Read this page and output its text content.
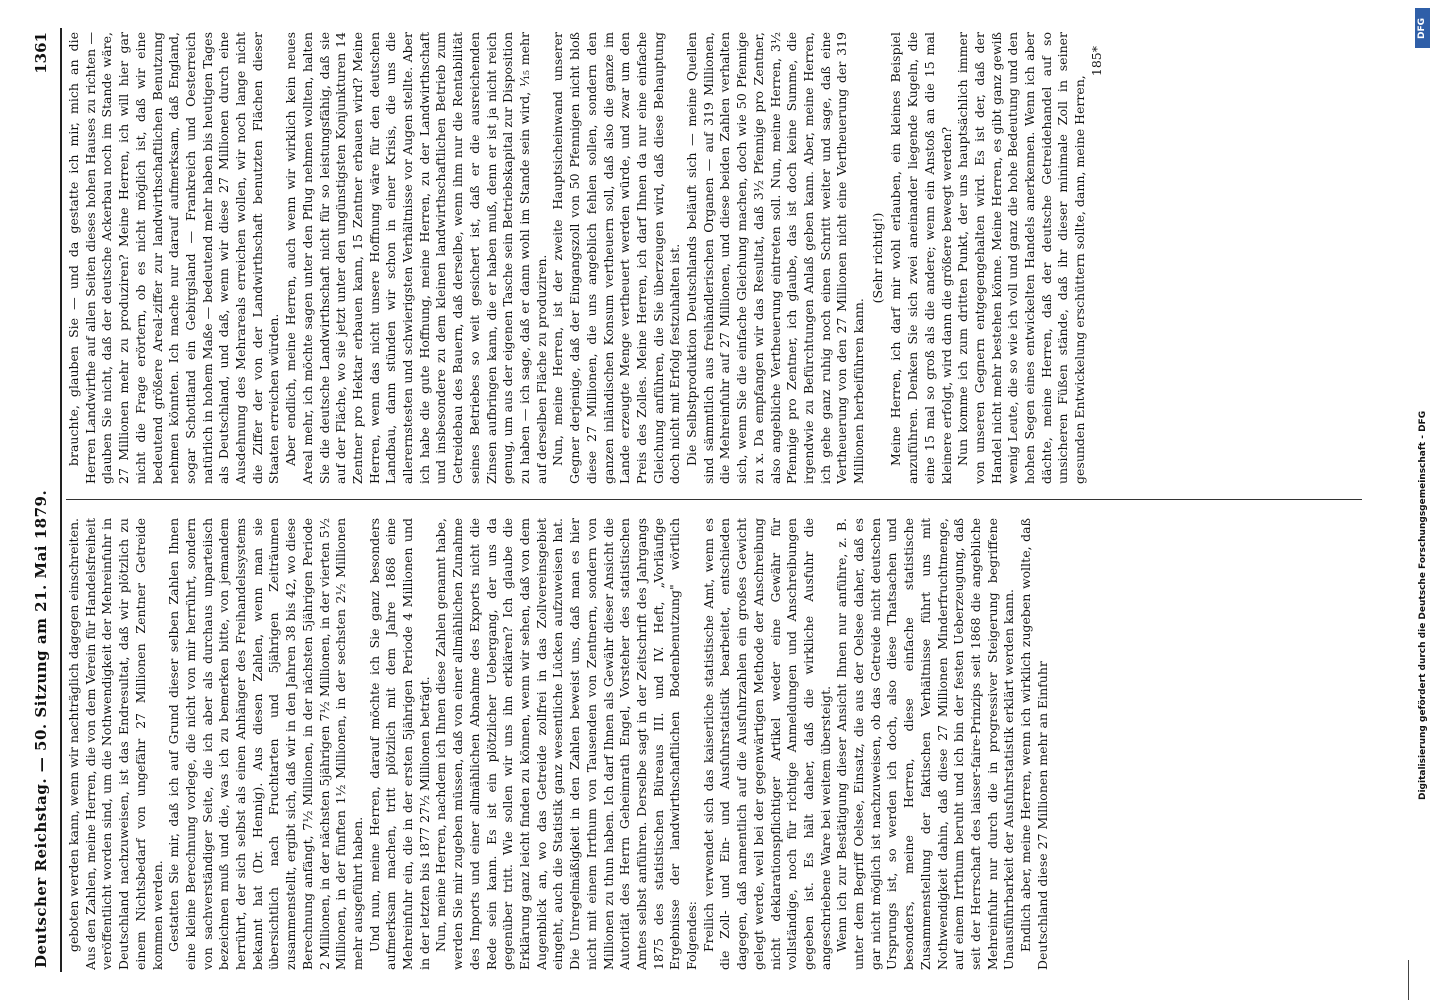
Deutscher Reichstag. — 50. Sitzung am 21. Mai 1879.
1361

geboten werden kann, wenn wir nachträglich dagegen einschreiten. Aus den Zahlen, meine Herren, die von dem Verein für Handelsfreiheit veröffentlicht worden sind, um die Nothwendigkeit der Mehreinfuhr in Deutschland nachzuweisen, ist das Endresultat, daß wir plötzlich zu einem Nichtsbedarf von ungefähr 27 Millionen Zentner Getreide kommen werden. Gestatten Sie mir, daß ich auf Grund dieser selben Zahlen Ihnen eine kleine Berechnung vorlege, die nicht von mir herrührt, sondern von sachverständiger Seite, die ich aber als durchaus unparteiisch bezeichnen muß und die, was ich zu bemerken bitte, von jemandem herrührt, der sich selbst als einen Anhänger des Freihandelssystems bekannt hat (Dr. Hennig). Aus diesen Zahlen, wenn man sie übersichtlich nach Fruchtarten und 5jährigen Zeiträumen zusammenstellt, ergibt sich, daß wir in den Jahren 38 bis 42, wo diese Berechnung anfängt, 7½ Millionen, in der nächsten 5jährigen Periode 2 Millionen, in der nächsten 5jährigen 7½ Millionen, in der vierten 5½ Millionen, in der fünften 1½ Millionen, in der sechsten 2½ Millionen mehr ausgeführt haben. Und nun, meine Herren, darauf möchte ich Sie ganz besonders aufmerksam machen, tritt plötzlich mit dem Jahre 1868 eine Mehreinfuhr ein, die in der ersten 5jährigen Periode 4 Millionen und in der letzten bis 1877 27½ Millionen beträgt. Nun, meine Herren, nachdem ich Ihnen diese Zahlen genannt habe, werden Sie mir zugeben müssen, daß von einer allmählichen Zunahme des Imports und einer allmählichen Abnahme des Exports nicht die Rede sein kann. Es ist ein plötzlicher Uebergang, der uns da gegenüber tritt. Wie sollen wir uns ihn erklären? Ich glaube die Erklärung ganz leicht finden zu können, wenn wir sehen, daß von dem Augenblick an, wo das Getreide zollfrei in das Zollvereinsgebiet eingeht, auch die Statistik ganz wesentliche Lücken aufzuweisen hat. Die Unregelmäßigkeit in den Zahlen beweist uns, daß man es hier nicht mit einem Irrthum von Tausenden von Zentnern, sondern von Millionen zu thun haben. Ich darf Ihnen als Gewähr dieser Ansicht die Autorität des Herrn Geheimrath Engel, Vorsteher des statistischen Amtes selbst anführen. Derselbe sagt in der Zeitschrift des Jahrgangs 1875 des statistischen Büreaus III. und IV. Heft, „Vorläufige Ergebnisse der landwirthschaftlichen Bodenbenutzung" wörtlich Folgendes: Freilich verwendet sich das kaiserliche statistische Amt, wenn es die Zoll- und Ein- und Ausfuhrstatistik bearbeitet, entschieden dagegen, daß namentlich auf die Ausfuhrzahlen ein großes Gewicht gelegt werde, weil bei der gegenwärtigen Methode der Anschreibung nicht deklarationspflichtiger Artikel weder eine Gewähr für vollständige, noch für richtige Anmeldungen und Anschreibungen gegeben ist. Es hält daher, daß die wirkliche Ausfuhr die angeschriebene Ware bei weitem übersteigt. Wenn ich zur Bestätigung dieser Ansicht Ihnen nur anführe, z. B. unter dem Begriff Oelsee, Einsatz, die aus der Oelsee daher, daß es gar nicht möglich ist nachzuweisen, ob das Getreide nicht deutschen Ursprungs ist, so werden ich doch, also diese Thatsachen und besonders, meine Herren, diese einfache statistische Zusammenstellung der faktischen Verhältnisse führt uns mit Nothwendigkeit dahin, daß diese 27 Millionen Minderfruchtmenge, auf einem Irrthum beruht und ich bin der festen Ueberzeugung, daß seit der Herrschaft des laisser-faire-Prinzips seit 1868 die angebliche Mehreinfuhr nur durch die in progressiver Steigerung begriffene Unausführbarkeit der Ausfuhrstatistik erklärt werden kann. Endlich aber, meine Herren, wenn ich wirklich zugeben wollte, daß Deutschland diese 27 Millionen mehr an Einfuhr

brauchte, glauben Sie — und da gestatte ich mir, mich an die Herren Landwirthe auf allen Seiten dieses hohen Hauses zu richten — glauben Sie nicht, daß der deutsche Ackerbau noch im Stande wäre, 27 Millionen mehr zu produziren? Meine Herren, ich will hier gar nicht die Frage erörtern, ob es nicht möglich ist, daß wir eine bedeutend größere Areal-ziffer zur landwirthschaftlichen Benutzung nehmen könnten. Ich mache nur darauf aufmerksam, daß England, sogar Schottland ein Gebirgsland — Frankreich und Oesterreich natürlich in hohem Maße — bedeutend mehr haben bis heutigen Tages als Deutschland, und daß, wenn wir diese 27 Millionen durch eine Ausdehnung des Mehrareals erreichen wollen, wir noch lange nicht die Ziffer der von der Landwirthschaft benutzten Flächen dieser Staaten erreichen würden. Aber endlich, meine Herren, auch wenn wir wirklich kein neues Areal mehr, ich möchte sagen unter den Pflug nehmen wollten, halten Sie die deutsche Landwirthschaft nicht für so leistungsfähig, daß sie auf der Fläche, wo sie jetzt unter den ungünstigsten Konjunkturen 14 Zentner pro Hektar erbauen kann, 15 Zentner erbauen wird? Meine Herren, wenn das nicht unsere Hoffnung wäre für den deutschen Landbau, dann stünden wir schon in einer Krisis, die uns die allerernstesten und schwierigsten Verhältnisse vor Augen stellte. Aber ich habe die gute Hoffnung, meine Herren, zu der Landwirthschaft und insbesondere zu dem kleinen landwirthschaftlichen Betrieb zum Getreidebau des Bauern, daß derselbe, wenn ihm nur die Rentabilität seines Betriebes so weit gesichert ist, daß er die ausreichenden Zinsen aufbringen kann, die er haben muß, denn er ist ja nicht reich genug, um aus der eigenen Tasche sein Betriebskapital zur Disposition zu haben — ich sage, daß er dann wohl im Stande sein wird, ⅟₁₅ mehr auf derselben Fläche zu produziren. Nun, meine Herren, ist der zweite Hauptsicheinwand unserer Gegner derjenige, daß der Eingangszoll von 50 Pfennigen nicht bloß diese 27 Millionen, die uns angeblich fehlen sollen, sondern den ganzen inländischen Konsum vertheuern soll, daß also die ganze im Lande erzeugte Menge vertheuert werden würde, und zwar um den Preis des Zolles. Meine Herren, ich darf Ihnen da nur eine einfache Gleichung anführen, die Sie überzeugen wird, daß diese Behauptung doch nicht mit Erfolg festzuhalten ist. Die Selbstproduktion Deutschlands beläuft sich — meine Quellen sind sämmtlich aus freihändlerischen Organen — auf 319 Millionen, die Mehreinfuhr auf 27 Millionen, und diese beiden Zahlen verhalten sich, wenn Sie die einfache Gleichung machen, doch wie 50 Pfennige zu x. Da empfangen wir das Resultat, daß 3½ Pfennige pro Zentner, also angebliche Vertheuerung eintreten soll. Nun, meine Herren, 3½ Pfennige pro Zentner, ich glaube, das ist doch keine Summe, die irgendwie zu Befürchtungen Anlaß geben kann. Aber, meine Herren, ich gehe ganz ruhig noch einen Schritt weiter und sage, daß eine Vertheuerung von den 27 Millionen nicht eine Vertheuerung der 319 Millionen herbeiführen kann.

(Sehr richtig!) Meine Herren, ich darf mir wohl erlauben, ein kleines Beispiel anzuführen. Denken Sie sich zwei aneinander liegende Kugeln, die eine 15 mal so groß als die andere; wenn ein Anstoß an die 15 mal kleinere erfolgt, wird dann die größere bewegt werden? Nun komme ich zum dritten Punkt, der uns hauptsächlich immer von unseren Gegnern entgegengehalten wird. Es ist der, daß der Handel nicht mehr bestehen könne. Meine Herren, es gibt ganz gewiß wenig Leute, die so wie ich voll und ganz die hohe Bedeutung und den hohen Segen eines entwickelten Handels anerkennen. Wenn ich aber dächte, meine Herren, daß der deutsche Getreidehandel auf so unsicheren Füßen stände, daß ihr dieser minimale Zoll in seiner gesunden Entwickelung erschüttern sollte, dann, meine Herren,

185*

Digitalisierung gefördert durch die Deutsche Forschungsgemeinschaft - DFG
DFG
